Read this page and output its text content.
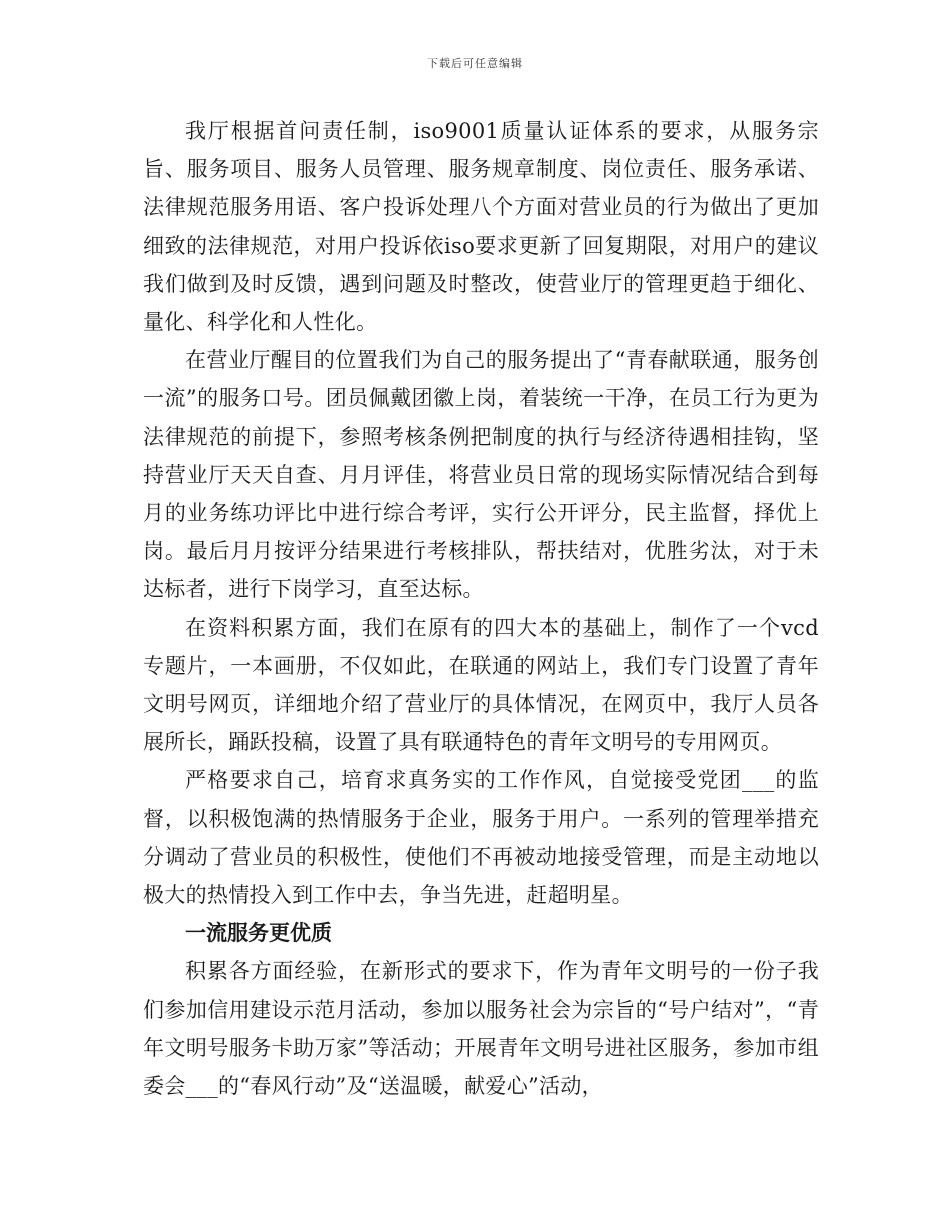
下载后可任意编辑

我厅根据首问责任制，iso9001质量认证体系的要求，从服务宗旨、服务项目、服务人员管理、服务规章制度、岗位责任、服务承诺、法律规范服务用语、客户投诉处理八个方面对营业员的行为做出了更加细致的法律规范，对用户投诉依iso要求更新了回复期限，对用户的建议我们做到及时反馈，遇到问题及时整改，使营业厅的管理更趋于细化、量化、科学化和人性化。

在营业厅醒目的位置我们为自己的服务提出了“青春献联通，服务创一流”的服务口号。团员佩戴团徽上岗，着装统一干净，在员工行为更为法律规范的前提下，参照考核条例把制度的执行与经济待遇相挂钩，坚持营业厅天天自查、月月评佳，将营业员日常的现场实际情况结合到每月的业务练功评比中进行综合考评，实行公开评分，民主监督，择优上岗。最后月月按评分结果进行考核排队，帮扶结对，优胜劣汰，对于未达标者，进行下岗学习，直至达标。

在资料积累方面，我们在原有的四大本的基础上，制作了一个vcd专题片，一本画册，不仅如此，在联通的网站上，我们专门设置了青年文明号网页，详细地介绍了营业厅的具体情况，在网页中，我厅人员各展所长，踊跃投稿，设置了具有联通特色的青年文明号的专用网页。

严格要求自己，培育求真务实的工作作风，自觉接受党团___的监督，以积极饱满的热情服务于企业，服务于用户。一系列的管理举措充分调动了营业员的积极性，使他们不再被动地接受管理，而是主动地以极大的热情投入到工作中去，争当先进，赶超明星。

一流服务更优质

积累各方面经验，在新形式的要求下，作为青年文明号的一份子我们参加信用建设示范月活动，参加以服务社会为宗旨的“号户结对”，“青年文明号服务卡助万家”等活动；开展青年文明号进社区服务，参加市组委会___的“春风行动”及“送温暖，献爱心”活动，
